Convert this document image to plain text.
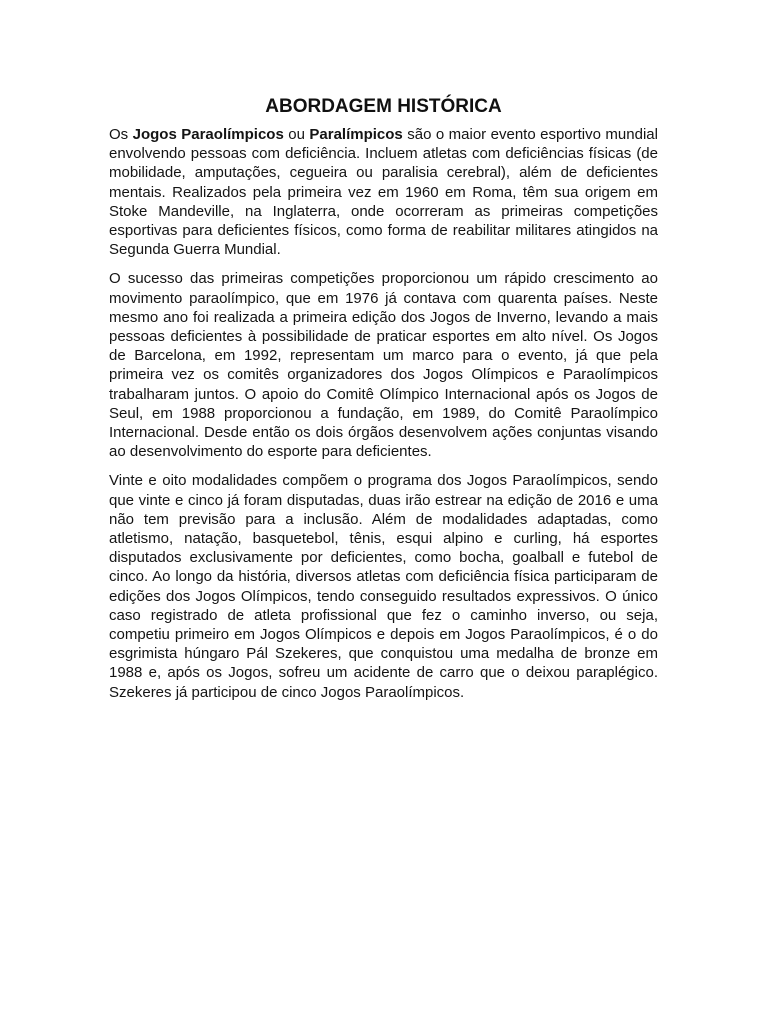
ABORDAGEM HISTÓRICA

Os Jogos Paraolímpicos ou Paralímpicos são o maior evento esportivo mundial envolvendo pessoas com deficiência. Incluem atletas com deficiências físicas (de mobilidade, amputações, cegueira ou paralisia cerebral), além de deficientes mentais. Realizados pela primeira vez em 1960 em Roma, têm sua origem em Stoke Mandeville, na Inglaterra, onde ocorreram as primeiras competições esportivas para deficientes físicos, como forma de reabilitar militares atingidos na Segunda Guerra Mundial.

O sucesso das primeiras competições proporcionou um rápido crescimento ao movimento paraolímpico, que em 1976 já contava com quarenta países. Neste mesmo ano foi realizada a primeira edição dos Jogos de Inverno, levando a mais pessoas deficientes à possibilidade de praticar esportes em alto nível. Os Jogos de Barcelona, em 1992, representam um marco para o evento, já que pela primeira vez os comitês organizadores dos Jogos Olímpicos e Paraolímpicos trabalharam juntos. O apoio do Comitê Olímpico Internacional após os Jogos de Seul, em 1988 proporcionou a fundação, em 1989, do Comitê Paraolímpico Internacional. Desde então os dois órgãos desenvolvem ações conjuntas visando ao desenvolvimento do esporte para deficientes.

Vinte e oito modalidades compõem o programa dos Jogos Paraolímpicos, sendo que vinte e cinco já foram disputadas, duas irão estrear na edição de 2016 e uma não tem previsão para a inclusão. Além de modalidades adaptadas, como atletismo, natação, basquetebol, tênis, esqui alpino e curling, há esportes disputados exclusivamente por deficientes, como bocha, goalball e futebol de cinco. Ao longo da história, diversos atletas com deficiência física participaram de edições dos Jogos Olímpicos, tendo conseguido resultados expressivos. O único caso registrado de atleta profissional que fez o caminho inverso, ou seja, competiu primeiro em Jogos Olímpicos e depois em Jogos Paraolímpicos, é o do esgrimista húngaro Pál Szekeres, que conquistou uma medalha de bronze em 1988 e, após os Jogos, sofreu um acidente de carro que o deixou paraplégico. Szekeres já participou de cinco Jogos Paraolímpicos.
